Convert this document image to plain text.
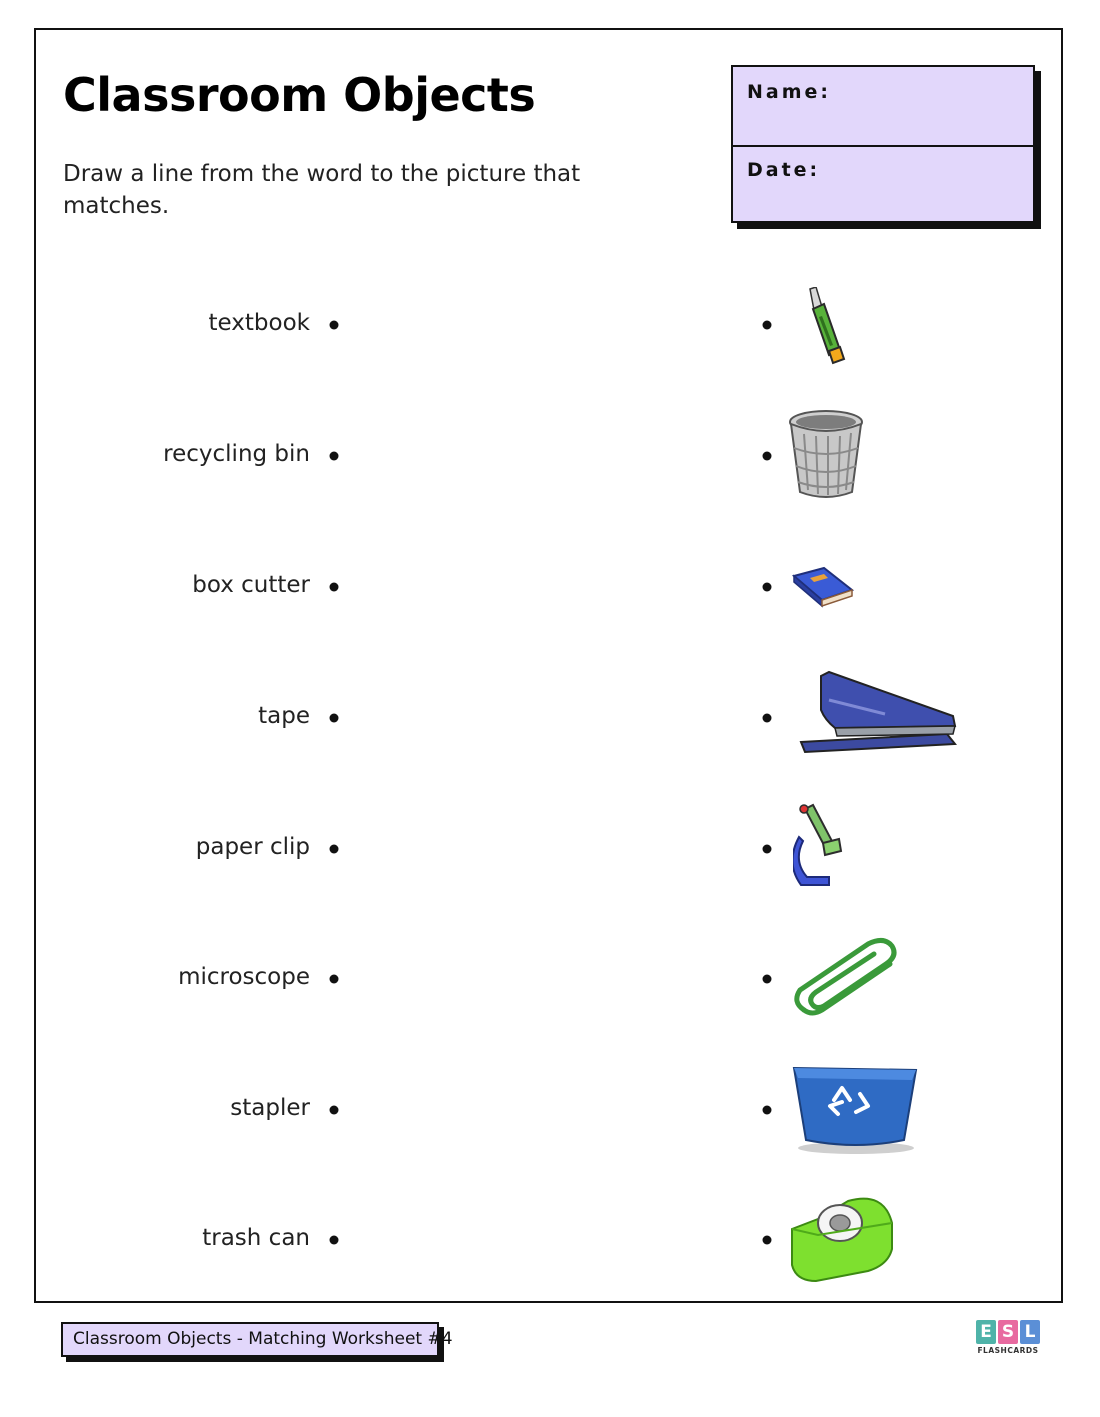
Classroom Objects

Draw a line from the word to the picture that matches.

Name:
Date:
textbook
recycling bin
box cutter
tape
paper clip
microscope
stapler
trash can
Classroom Objects - Matching Worksheet #4	E S L
FLASHCARDS
